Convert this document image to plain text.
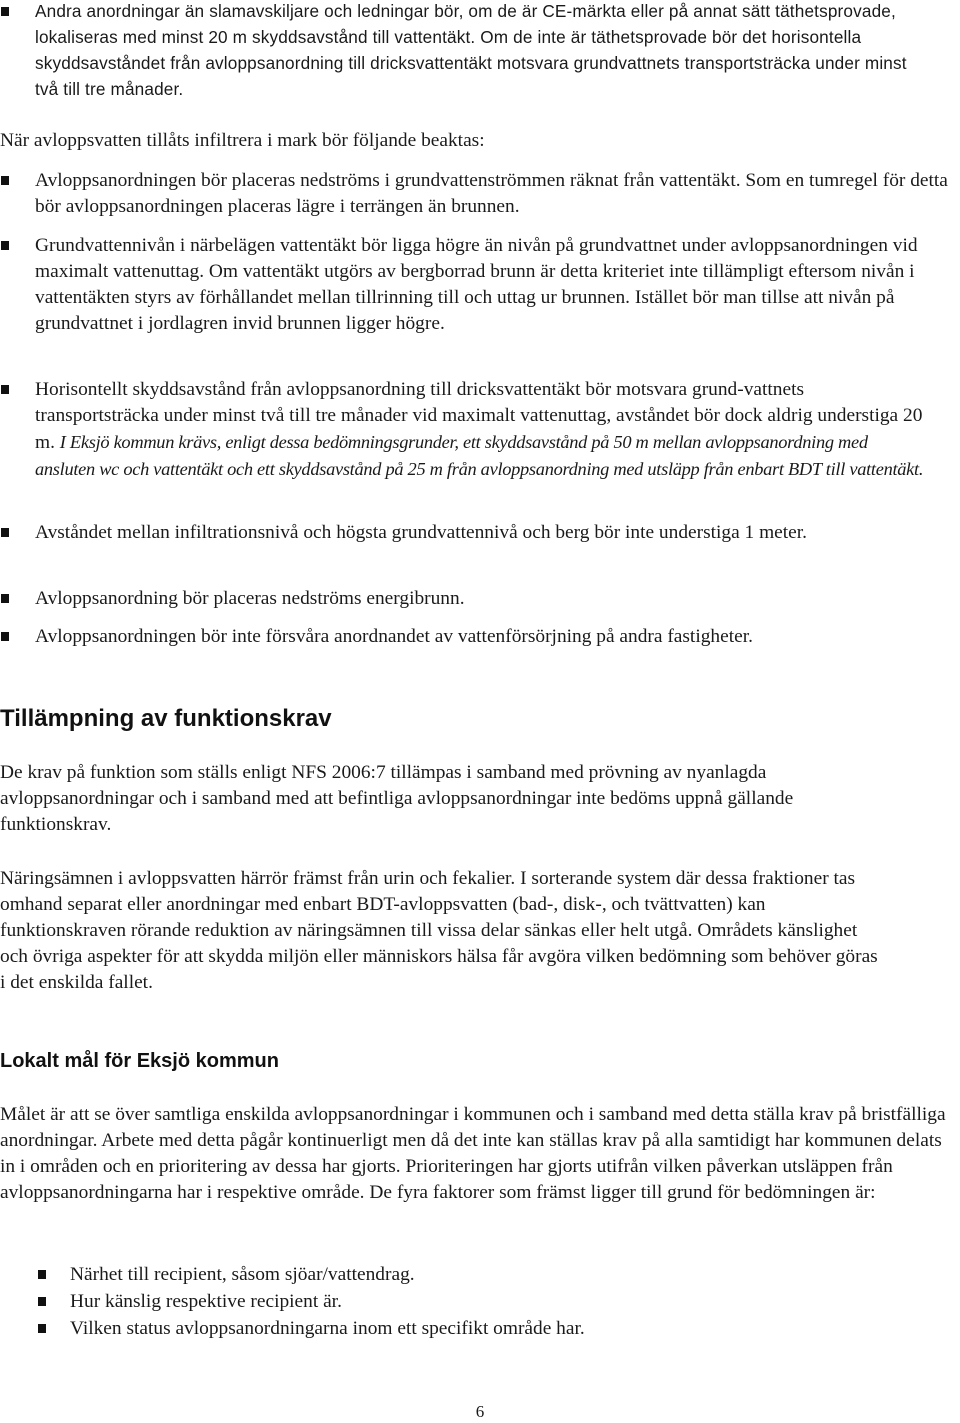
Andra anordningar än slamavskiljare och ledningar bör, om de är CE-märkta eller på annat sätt täthetsprovade, lokaliseras med minst 20 m skyddsavstånd till vattentäkt. Om de inte är täthetsprovade bör det horisontella skyddsavståndet från avloppsanordning till dricksvattentäkt motsvara grundvattnets transportsträcka under minst två till tre månader.

När avloppsvatten tillåts infiltrera i mark bör följande beaktas:

Avloppsanordningen bör placeras nedströms i grundvattenströmmen räknat från vattentäkt. Som en tumregel för detta bör avloppsanordningen placeras lägre i terrängen än brunnen.

Grundvattennivån i närbelägen vattentäkt bör ligga högre än nivån på grundvattnet under avloppsanordningen vid maximalt vattenuttag. Om vattentäkt utgörs av bergborrad brunn är detta kriteriet inte tillämpligt eftersom nivån i vattentäkten styrs av förhållandet mellan tillrinning till och uttag ur brunnen. Istället bör man tillse att nivån på grundvattnet i jordlagren invid brunnen ligger högre.

Horisontellt skyddsavstånd från avloppsanordning till dricksvattentäkt bör motsvara grund-vattnets transportsträcka under minst två till tre månader vid maximalt vattenuttag, avståndet bör dock aldrig understiga 20 m. I Eksjö kommun krävs, enligt dessa bedömningsgrunder, ett skyddsavstånd på 50 m mellan avloppsanordning med ansluten wc och vattentäkt och ett skyddsavstånd på 25 m från avloppsanordning med utsläpp från enbart BDT till vattentäkt.

Avståndet mellan infiltrationsnivå och högsta grundvattennivå och berg bör inte understiga 1 meter.

Avloppsanordning bör placeras nedströms energibrunn.

Avloppsanordningen bör inte försvåra anordnandet av vattenförsörjning på andra fastigheter.

Tillämpning av funktionskrav

De krav på funktion som ställs enligt NFS 2006:7 tillämpas i samband med prövning av nyanlagda avloppsanordningar och i samband med att befintliga avloppsanordningar inte bedöms uppnå gällande funktionskrav.

Näringsämnen i avloppsvatten härrör främst från urin och fekalier. I sorterande system där dessa fraktioner tas omhand separat eller anordningar med enbart BDT-avloppsvatten (bad-, disk-, och tvättvatten) kan funktionskraven rörande reduktion av näringsämnen till vissa delar sänkas eller helt utgå. Områdets känslighet och övriga aspekter för att skydda miljön eller människors hälsa får avgöra vilken bedömning som behöver göras i det enskilda fallet.

Lokalt mål för Eksjö kommun

Målet är att se över samtliga enskilda avloppsanordningar i kommunen och i samband med detta ställa krav på bristfälliga anordningar. Arbete med detta pågår kontinuerligt men då det inte kan ställas krav på alla samtidigt har kommunen delats in i områden och en prioritering av dessa har gjorts. Prioriteringen har gjorts utifrån vilken påverkan utsläppen från avloppsanordningarna har i respektive område. De fyra faktorer som främst ligger till grund för bedömningen är:

Närhet till recipient, såsom sjöar/vattendrag.

Hur känslig respektive recipient är.

Vilken status avloppsanordningarna inom ett specifikt område har.

6
